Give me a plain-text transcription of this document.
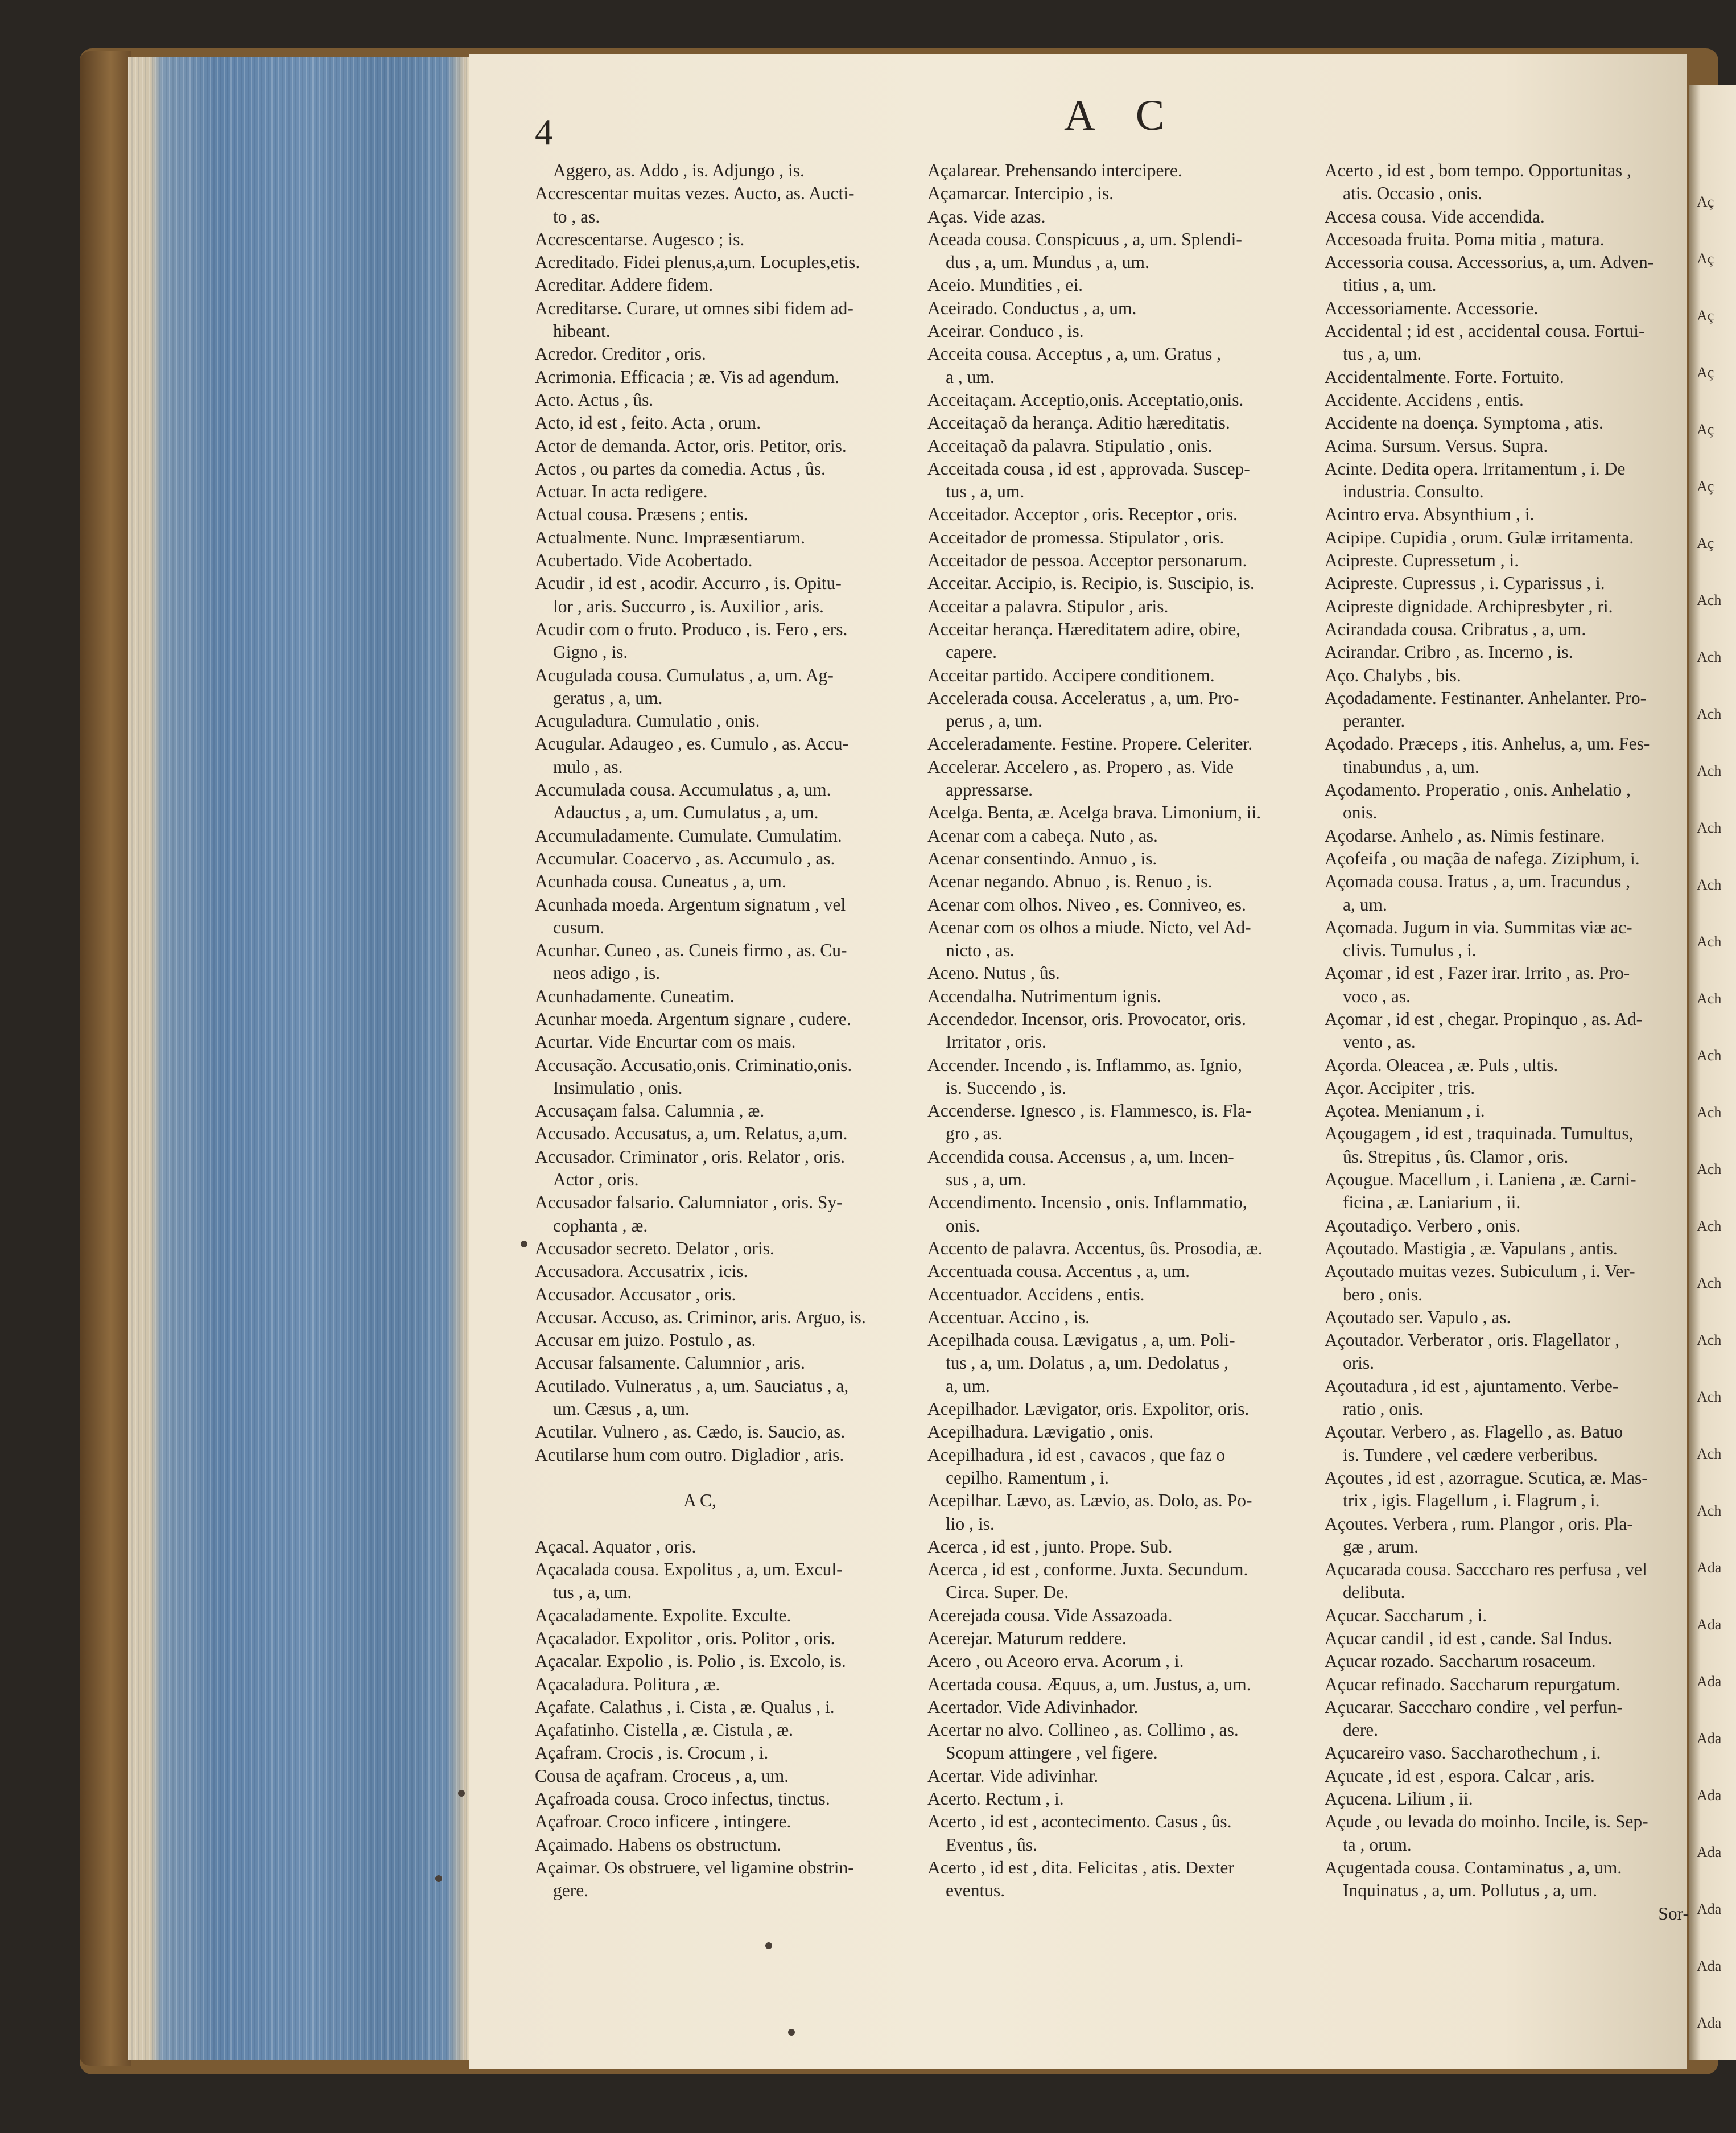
Aç
Aç
Aç
Aç
Aç
Aç
Aç
Ach
Ach
Ach
Ach
Ach
Ach
Ach
Ach
Ach
Ach
Ach
Ach
Ach
Ach
Ach
Ach
Ach
Ada
Ada
Ada
Ada
Ada
Ada
Ada
Ada
Ada
4	A C
Aggero, as. Addo , is. Adjungo , is.
Accrescentar muitas vezes. Aucto, as. Aucti-
to , as.
Accrescentarse. Augesco ; is.
Acreditado. Fidei plenus,a,um. Locuples,etis.
Acreditar. Addere fidem.
Acreditarse. Curare, ut omnes sibi fidem ad-
hibeant.
Acredor. Creditor , oris.
Acrimonia. Efficacia ; æ. Vis ad agendum.
Acto. Actus , ûs.
Acto, id est , feito. Acta , orum.
Actor de demanda. Actor, oris. Petitor, oris.
Actos , ou partes da comedia. Actus , ûs.
Actuar. In acta redigere.
Actual cousa. Præsens ; entis.
Actualmente. Nunc. Impræsentiarum.
Acubertado. Vide Acobertado.
Acudir , id est , acodir. Accurro , is. Opitu-
lor , aris. Succurro , is. Auxilior , aris.
Acudir com o fruto. Produco , is. Fero , ers.
Gigno , is.
Acugulada cousa. Cumulatus , a, um. Ag-
geratus , a, um.
Acuguladura. Cumulatio , onis.
Acugular. Adaugeo , es. Cumulo , as. Accu-
mulo , as.
Accumulada cousa. Accumulatus , a, um.
Adauctus , a, um. Cumulatus , a, um.
Accumuladamente. Cumulate. Cumulatim.
Accumular. Coacervo , as. Accumulo , as.
Acunhada cousa. Cuneatus , a, um.
Acunhada moeda. Argentum signatum , vel
cusum.
Acunhar. Cuneo , as. Cuneis firmo , as. Cu-
neos adigo , is.
Acunhadamente. Cuneatim.
Acunhar moeda. Argentum signare , cudere.
Acurtar. Vide Encurtar com os mais.
Accusação. Accusatio,onis. Criminatio,onis.
Insimulatio , onis.
Accusaçam falsa. Calumnia , æ.
Accusado. Accusatus, a, um. Relatus, a,um.
Accusador. Criminator , oris. Relator , oris.
Actor , oris.
Accusador falsario. Calumniator , oris. Sy-
cophanta , æ.
Accusador secreto. Delator , oris.
Accusadora. Accusatrix , icis.
Accusador. Accusator , oris.
Accusar. Accuso, as. Criminor, aris. Arguo, is.
Accusar em juizo. Postulo , as.
Accusar falsamente. Calumnior , aris.
Acutilado. Vulneratus , a, um. Sauciatus , a,
um. Cæsus , a, um.
Acutilar. Vulnero , as. Cædo, is. Saucio, as.
Acutilarse hum com outro. Digladior , aris.
A C,
Açacal. Aquator , oris.
Açacalada cousa. Expolitus , a, um. Excul-
tus , a, um.
Açacaladamente. Expolite. Exculte.
Açacalador. Expolitor , oris. Politor , oris.
Açacalar. Expolio , is. Polio , is. Excolo, is.
Açacaladura. Politura , æ.
Açafate. Calathus , i. Cista , æ. Qualus , i.
Açafatinho. Cistella , æ. Cistula , æ.
Açafram. Crocis , is. Crocum , i.
Cousa de açafram. Croceus , a, um.
Açafroada cousa. Croco infectus, tinctus.
Açafroar. Croco inficere , intingere.
Açaimado. Habens os obstructum.
Açaimar. Os obstruere, vel ligamine obstrin-
gere.
Açalarear. Prehensando intercipere.
Açamarcar. Intercipio , is.
Aças. Vide azas.
Aceada cousa. Conspicuus , a, um. Splendi-
dus , a, um. Mundus , a, um.
Aceio. Mundities , ei.
Aceirado. Conductus , a, um.
Aceirar. Conduco , is.
Acceita cousa. Acceptus , a, um. Gratus ,
a , um.
Acceitaçam. Acceptio,onis. Acceptatio,onis.
Acceitaçaõ da herança. Aditio hæreditatis.
Acceitaçaõ da palavra. Stipulatio , onis.
Acceitada cousa , id est , approvada. Suscep-
tus , a, um.
Acceitador. Acceptor , oris. Receptor , oris.
Acceitador de promessa. Stipulator , oris.
Acceitador de pessoa. Acceptor personarum.
Acceitar. Accipio, is. Recipio, is. Suscipio, is.
Acceitar a palavra. Stipulor , aris.
Acceitar herança. Hæreditatem adire, obire,
capere.
Acceitar partido. Accipere conditionem.
Accelerada cousa. Acceleratus , a, um. Pro-
perus , a, um.
Acceleradamente. Festine. Propere. Celeriter.
Accelerar. Accelero , as. Propero , as. Vide
appressarse.
Acelga. Benta, æ. Acelga brava. Limonium, ii.
Acenar com a cabeça. Nuto , as.
Acenar consentindo. Annuo , is.
Acenar negando. Abnuo , is. Renuo , is.
Acenar com olhos. Niveo , es. Conniveo, es.
Acenar com os olhos a miude. Nicto, vel Ad-
nicto , as.
Aceno. Nutus , ûs.
Accendalha. Nutrimentum ignis.
Accendedor. Incensor, oris. Provocator, oris.
Irritator , oris.
Accender. Incendo , is. Inflammo, as. Ignio,
is. Succendo , is.
Accenderse. Ignesco , is. Flammesco, is. Fla-
gro , as.
Accendida cousa. Accensus , a, um. Incen-
sus , a, um.
Accendimento. Incensio , onis. Inflammatio,
onis.
Accento de palavra. Accentus, ûs. Prosodia, æ.
Accentuada cousa. Accentus , a, um.
Accentuador. Accidens , entis.
Accentuar. Accino , is.
Acepilhada cousa. Lævigatus , a, um. Poli-
tus , a, um. Dolatus , a, um. Dedolatus ,
a, um.
Acepilhador. Lævigator, oris. Expolitor, oris.
Acepilhadura. Lævigatio , onis.
Acepilhadura , id est , cavacos , que faz o
cepilho. Ramentum , i.
Acepilhar. Lævo, as. Lævio, as. Dolo, as. Po-
lio , is.
Acerca , id est , junto. Prope. Sub.
Acerca , id est , conforme. Juxta. Secundum.
Circa. Super. De.
Acerejada cousa. Vide Assazoada.
Acerejar. Maturum reddere.
Acero , ou Aceoro erva. Acorum , i.
Acertada cousa. Æquus, a, um. Justus, a, um.
Acertador. Vide Adivinhador.
Acertar no alvo. Collineo , as. Collimo , as.
Scopum attingere , vel figere.
Acertar. Vide adivinhar.
Acerto. Rectum , i.
Acerto , id est , acontecimento. Casus , ûs.
Eventus , ûs.
Acerto , id est , dita. Felicitas , atis. Dexter
eventus.
Acerto , id est , bom tempo. Opportunitas ,
atis. Occasio , onis.
Accesa cousa. Vide accendida.
Accesoada fruita. Poma mitia , matura.
Accessoria cousa. Accessorius, a, um. Adven-
titius , a, um.
Accessoriamente. Accessorie.
Accidental ; id est , accidental cousa. Fortui-
tus , a, um.
Accidentalmente. Forte. Fortuito.
Accidente. Accidens , entis.
Accidente na doença. Symptoma , atis.
Acima. Sursum. Versus. Supra.
Acinte. Dedita opera. Irritamentum , i. De
industria. Consulto.
Acintro erva. Absynthium , i.
Acipipe. Cupidia , orum. Gulæ irritamenta.
Acipreste. Cupressetum , i.
Acipreste. Cupressus , i. Cyparissus , i.
Acipreste dignidade. Archipresbyter , ri.
Acirandada cousa. Cribratus , a, um.
Acirandar. Cribro , as. Incerno , is.
Aço. Chalybs , bis.
Açodadamente. Festinanter. Anhelanter. Pro-
peranter.
Açodado. Præceps , itis. Anhelus, a, um. Fes-
tinabundus , a, um.
Açodamento. Properatio , onis. Anhelatio ,
onis.
Açodarse. Anhelo , as. Nimis festinare.
Açofeifa , ou maçãa de nafega. Ziziphum, i.
Açomada cousa. Iratus , a, um. Iracundus ,
a, um.
Açomada. Jugum in via. Summitas viæ ac-
clivis. Tumulus , i.
Açomar , id est , Fazer irar. Irrito , as. Pro-
voco , as.
Açomar , id est , chegar. Propinquo , as. Ad-
vento , as.
Açorda. Oleacea , æ. Puls , ultis.
Açor. Accipiter , tris.
Açotea. Menianum , i.
Açougagem , id est , traquinada. Tumultus,
ûs. Strepitus , ûs. Clamor , oris.
Açougue. Macellum , i. Laniena , æ. Carni-
ficina , æ. Laniarium , ii.
Açoutadiço. Verbero , onis.
Açoutado. Mastigia , æ. Vapulans , antis.
Açoutado muitas vezes. Subiculum , i. Ver-
bero , onis.
Açoutado ser. Vapulo , as.
Açoutador. Verberator , oris. Flagellator ,
oris.
Açoutadura , id est , ajuntamento. Verbe-
ratio , onis.
Açoutar. Verbero , as. Flagello , as. Batuo
is. Tundere , vel cædere verberibus.
Açoutes , id est , azorrague. Scutica, æ. Mas-
trix , igis. Flagellum , i. Flagrum , i.
Açoutes. Verbera , rum. Plangor , oris. Pla-
gæ , arum.
Açucarada cousa. Sacccharo res perfusa , vel
delibuta.
Açucar. Saccharum , i.
Açucar candil , id est , cande. Sal Indus.
Açucar rozado. Saccharum rosaceum.
Açucar refinado. Saccharum repurgatum.
Açucarar. Sacccharo condire , vel perfun-
dere.
Açucareiro vaso. Saccharothechum , i.
Açucate , id est , espora. Calcar , aris.
Açucena. Lilium , ii.
Açude , ou levada do moinho. Incile, is. Sep-
ta , orum.
Açugentada cousa. Contaminatus , a, um.
Inquinatus , a, um. Pollutus , a, um.
Sor-
